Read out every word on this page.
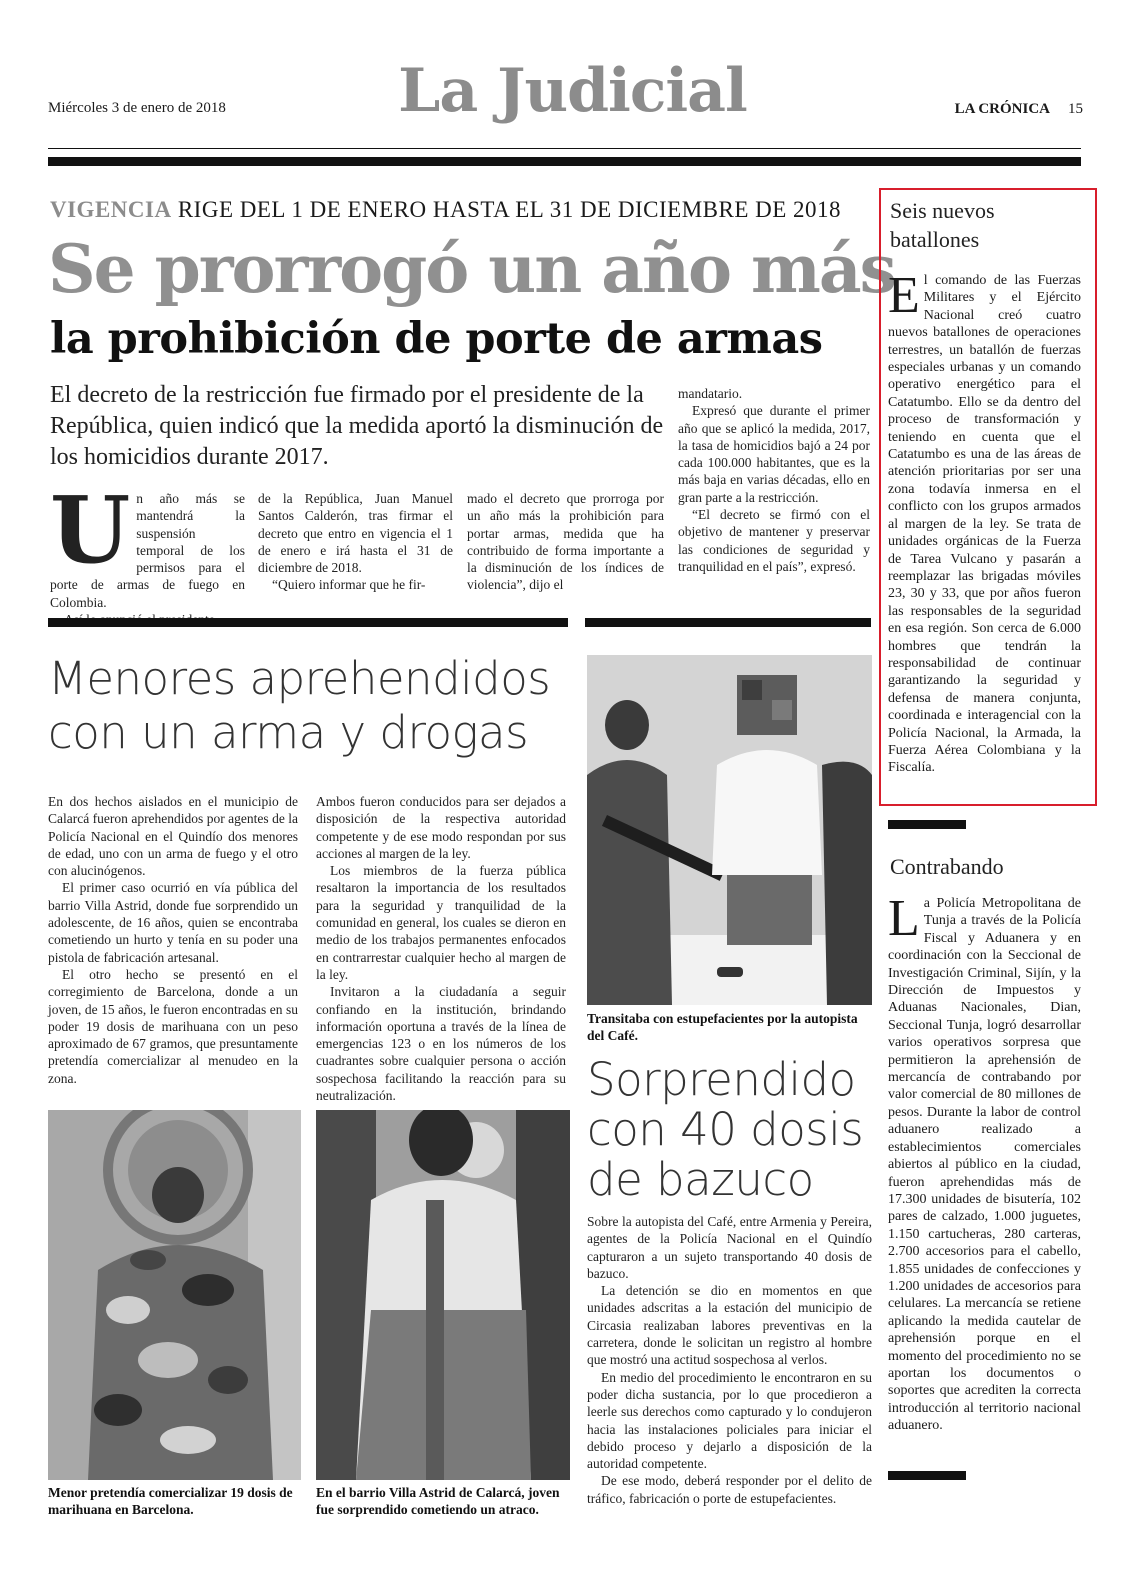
Miércoles 3 de enero de 2018	La Judicial	LA CRÓNICA 15
VIGENCIA RIGE DEL 1 DE ENERO HASTA EL 31 DE DICIEMBRE DE 2018
Se prorrogó un año más
la prohibición de porte de armas
El decreto de la restricción fue firmado por el presidente de la República, quien indicó que la medida aportó la disminución de los homicidios durante 2017.
U n año más se mantendrá la suspensión temporal de los permisos para el porte de armas de fuego en Colombia.

de la República, Juan Manuel Santos Calderón, tras firmar el decreto que entro en vigencia el 1 de enero e irá hasta el 31 de diciembre de 2018.

“Quiero informar que he fir-

mado el decreto que prorroga por un año más la prohibición para portar armas, medida que ha contribuido de forma importante a la disminución de los índices de violencia”, dijo el

mandatario.

Expresó que durante el primer año que se aplicó la medida, 2017, la tasa de homicidios bajó a 24 por cada 100.000 habitantes, que es la más baja en varias décadas, ello en gran parte a la restricción.

“El decreto se firmó con el objetivo de mantener y preservar las condiciones de seguridad y tranquilidad en el país”, expresó.

Menores aprehendidos
con un arma y drogas

En dos hechos aislados en el municipio de Calarcá fueron aprehendidos por agentes de la Policía Nacional en el Quindío dos menores de edad, uno con un arma de fuego y el otro con alucinógenos.

El primer caso ocurrió en vía pública del barrio Villa Astrid, donde fue sorprendido un adolescente, de 16 años, quien se encontraba cometiendo un hurto y tenía en su poder una pistola de fabricación artesanal.

El otro hecho se presentó en el corregimiento de Barcelona, donde a un joven, de 15 años, le fueron encontradas en su poder 19 dosis de marihuana con un peso aproximado de 67 gramos, que presuntamente pretendía comercializar al menudeo en la zona.

Ambos fueron conducidos para ser dejados a disposición de la respectiva autoridad competente y de ese modo respondan por sus acciones al margen de la ley.

Los miembros de la fuerza pública resaltaron la importancia de los resultados para la seguridad y tranquilidad de la comunidad en general, los cuales se dieron en medio de los trabajos permanentes enfocados en contrarrestar cualquier hecho al margen de la ley.

Invitaron a la ciudadanía a seguir confiando en la institución, brindando información oportuna a través de la línea de emergencias 123 o en los números de los cuadrantes sobre cualquier persona o acción sospechosa facilitando la reacción para su neutralización.

Menor pretendía comercializar 19 dosis de marihuana en Barcelona.
En el barrio Villa Astrid de Calarcá, joven fue sorprendido cometiendo un atraco.
Transitaba con estupefacientes por la autopista del Café.
Sorprendido
con 40 dosis
de bazuco

Sobre la autopista del Café, entre Armenia y Pereira, agentes de la Policía Nacional en el Quindío capturaron a un sujeto transportando 40 dosis de bazuco.

La detención se dio en momentos en que unidades adscritas a la estación del municipio de Circasia realizaban labores preventivas en la carretera, donde le solicitan un registro al hombre que mostró una actitud sospechosa al verlos.

En medio del procedimiento le encontraron en su poder dicha sustancia, por lo que procedieron a leerle sus derechos como capturado y lo condujeron hacia las instalaciones policiales para iniciar el debido proceso y dejarlo a disposición de la autoridad competente.

De ese modo, deberá responder por el delito de tráfico, fabricación o porte de estupefacientes.

Seis nuevos batallones
E l comando de las Fuerzas Militares y el Ejército Nacional creó cuatro nuevos batallones de operaciones terrestres, un batallón de fuerzas especiales urbanas y un comando operativo energético para el Catatumbo. Ello se da dentro del proceso de transformación y teniendo en cuenta que el Catatumbo es una de las áreas de atención prioritarias por ser una zona todavía inmersa en el conflicto con los grupos armados al margen de la ley. Se trata de unidades orgánicas de la Fuerza de Tarea Vulcano y pasarán a reemplazar las brigadas móviles 23, 30 y 33, que por años fueron las responsables de la seguridad en esa región. Son cerca de 6.000 hombres que tendrán la responsabilidad de continuar garantizando la seguridad y defensa de manera conjunta, coordinada e interagencial con la Policía Nacional, la Armada, la Fuerza Aérea Colombiana y la Fiscalía.

Contrabando
L a Policía Metropolitana de Tunja a través de la Policía Fiscal y Aduanera y en coordinación con la Seccional de Investigación Criminal, Sijín, y la Dirección de Impuestos y Aduanas Nacionales, Dian, Seccional Tunja, logró desarrollar varios operativos sorpresa que permitieron la aprehensión de mercancía de contrabando por valor comercial de 80 millones de pesos. Durante la labor de control aduanero realizado a establecimientos comerciales abiertos al público en la ciudad, fueron aprehendidas más de 17.300 unidades de bisutería, 102 pares de calzado, 1.000 juguetes, 1.150 cartucheras, 280 carteras, 2.700 accesorios para el cabello, 1.855 unidades de confecciones y 1.200 unidades de accesorios para celulares. La mercancía se retiene aplicando la medida cautelar de aprehensión porque en el momento del procedimiento no se aportan los documentos o soportes que acrediten la correcta introducción al territorio nacional aduanero.
